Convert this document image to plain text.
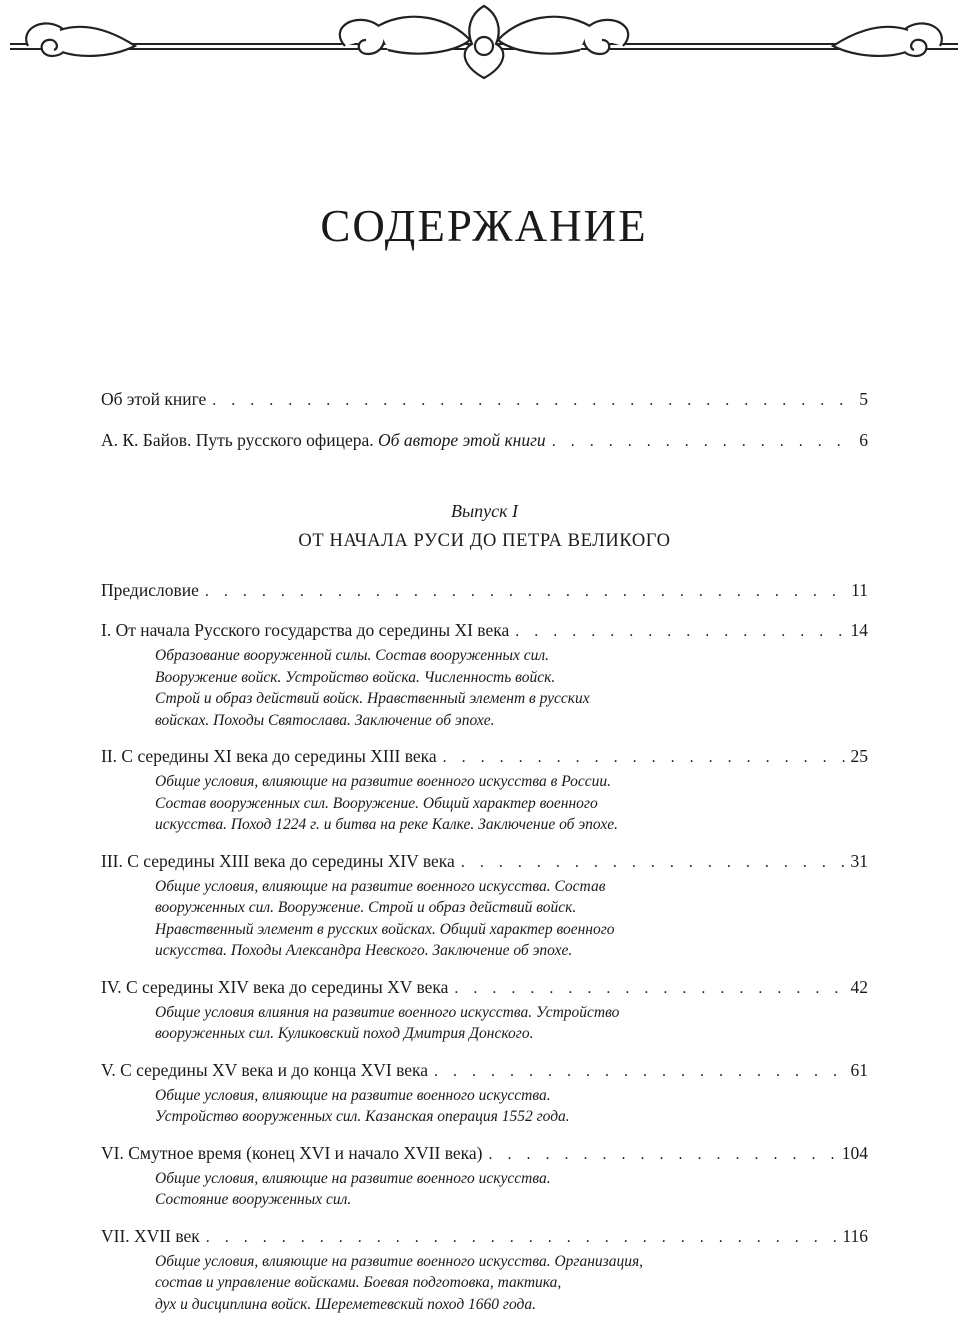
СОДЕРЖАНИЕ
Об этой книге . . .	5
А. К. Байов. Путь русского офицера. Об авторе этой книги . . .	6
Выпуск I
ОТ НАЧАЛА РУСИ ДО ПЕТРА ВЕЛИКОГО
Предисловие . . .	11
I. От начала Русского государства до середины XI века . . .	14
Образование вооруженной силы. Состав вооруженных сил.
Вооружение войск. Устройство войска. Численность войск.
Строй и образ действий войск. Нравственный элемент в русских
войсках. Походы Святослава. Заключение об эпохе.
II. С середины XI века до середины XIII века . . .	25
Общие условия, влияющие на развитие военного искусства в России.
Состав вооруженных сил. Вооружение. Общий характер военного
искусства. Поход 1224 г. и битва на реке Калке. Заключение об эпохе.
III. С середины XIII века до середины XIV века . . .	31
Общие условия, влияющие на развитие военного искусства. Состав
вооруженных сил. Вооружение. Строй и образ действий войск.
Нравственный элемент в русских войсках. Общий характер военного
искусства. Походы Александра Невского. Заключение об эпохе.
IV. С середины XIV века до середины XV века . . .	42
Общие условия влияния на развитие военного искусства. Устройство
вооруженных сил. Куликовский поход Дмитрия Донского.
V. С середины XV века и до конца XVI века . . .	61
Общие условия, влияющие на развитие военного искусства.
Устройство вооруженных сил. Казанская операция 1552 года.
VI. Смутное время (конец XVI и начало XVII века) . . .	104
Общие условия, влияющие на развитие военного искусства.
Состояние вооруженных сил.
VII. XVII век . . .	116
Общие условия, влияющие на развитие военного искусства. Организация,
состав и управление войсками. Боевая подготовка, тактика,
дух и дисциплина войск. Шереметевский поход 1660 года.
